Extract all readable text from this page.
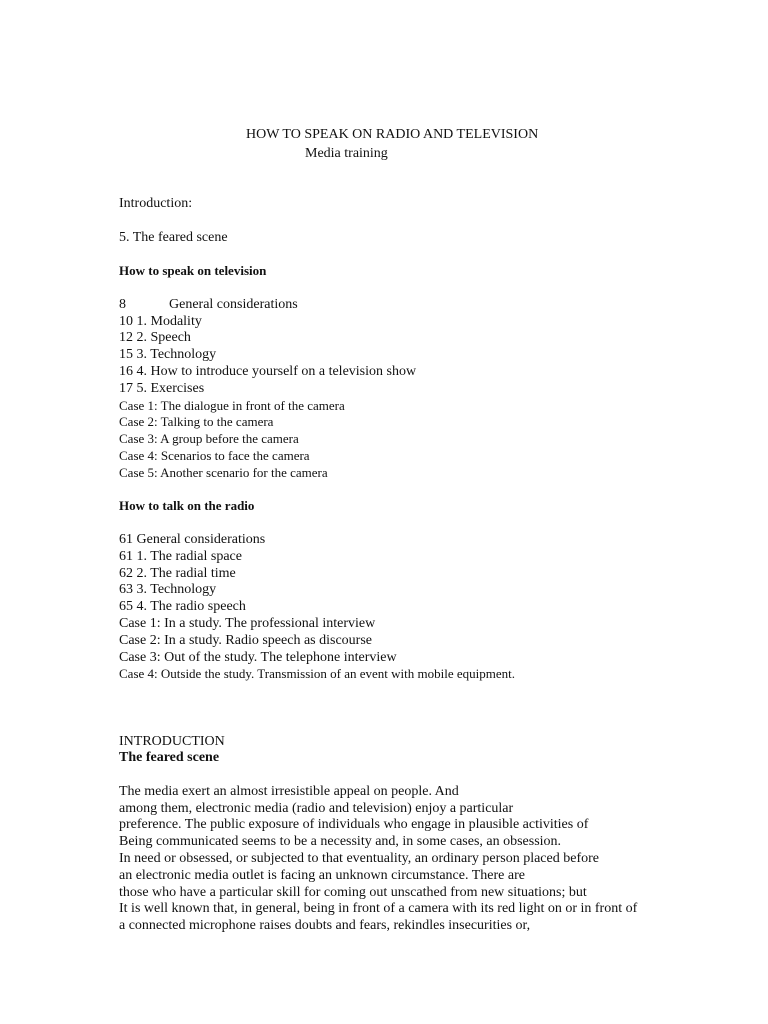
HOW TO SPEAK ON RADIO AND TELEVISION
Media training
Introduction:
5. The feared scene
How to speak on television
8	General considerations
10 1. Modality
12 2. Speech
15 3. Technology
16 4. How to introduce yourself on a television show
17 5. Exercises
Case 1: The dialogue in front of the camera
Case 2: Talking to the camera
Case 3: A group before the camera
Case 4: Scenarios to face the camera
Case 5: Another scenario for the camera
How to talk on the radio
61 General considerations
61 1. The radial space
62 2. The radial time
63 3. Technology
65 4. The radio speech
Case 1: In a study. The professional interview
Case 2: In a study. Radio speech as discourse
Case 3: Out of the study. The telephone interview
Case 4: Outside the study. Transmission of an event with mobile equipment.
INTRODUCTION
The feared scene
The media exert an almost irresistible appeal on people. And
among them, electronic media (radio and television) enjoy a particular
preference. The public exposure of individuals who engage in plausible activities of
Being communicated seems to be a necessity and, in some cases, an obsession.
In need or obsessed, or subjected to that eventuality, an ordinary person placed before
an electronic media outlet is facing an unknown circumstance. There are
those who have a particular skill for coming out unscathed from new situations; but
It is well known that, in general, being in front of a camera with its red light on or in front of
a connected microphone raises doubts and fears, rekindles insecurities or,
